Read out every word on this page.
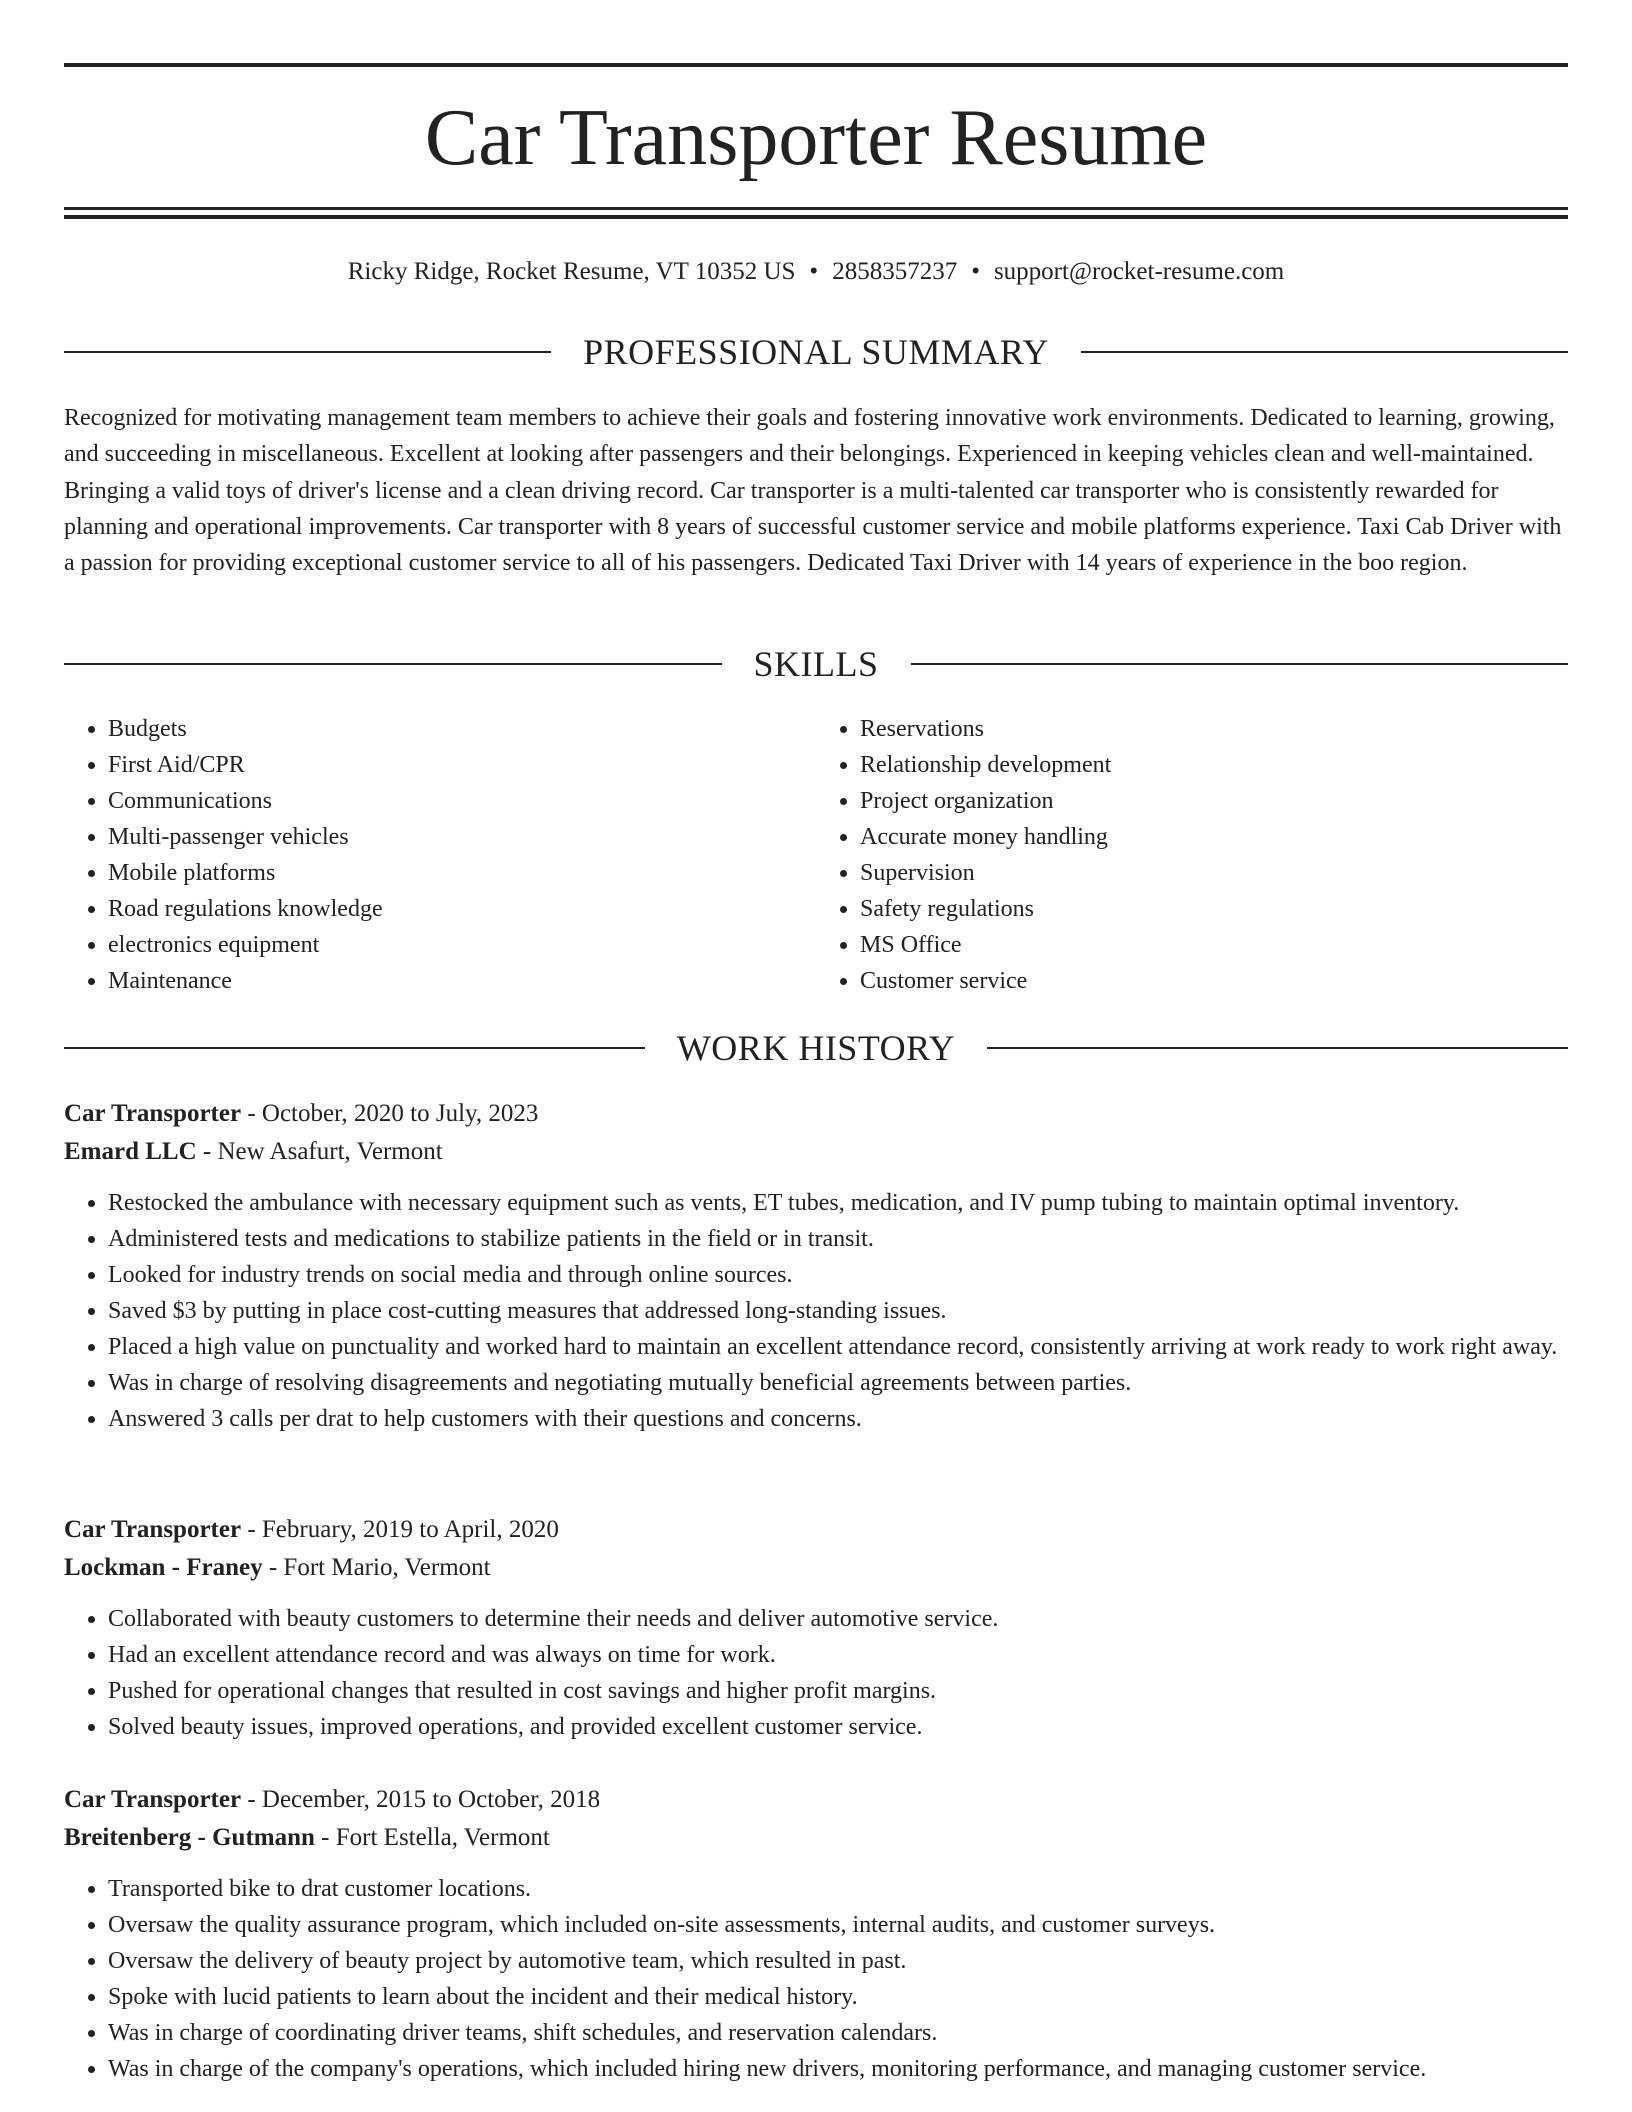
Car Transporter Resume
Ricky Ridge, Rocket Resume, VT 10352 US • 2858357237 • support@rocket-resume.com
PROFESSIONAL SUMMARY

Recognized for motivating management team members to achieve their goals and fostering innovative work environments. Dedicated to learning, growing, and succeeding in miscellaneous. Excellent at looking after passengers and their belongings. Experienced in keeping vehicles clean and well-maintained. Bringing a valid toys of driver's license and a clean driving record. Car transporter is a multi-talented car transporter who is consistently rewarded for planning and operational improvements. Car transporter with 8 years of successful customer service and mobile platforms experience. Taxi Cab Driver with a passion for providing exceptional customer service to all of his passengers. Dedicated Taxi Driver with 14 years of experience in the boo region.

SKILLS
• Budgets
• First Aid/CPR
• Communications
• Multi-passenger vehicles
• Mobile platforms
• Road regulations knowledge
• electronics equipment
• Maintenance
• Reservations
• Relationship development
• Project organization
• Accurate money handling
• Supervision
• Safety regulations
• MS Office
• Customer service
WORK HISTORY
Car Transporter - October, 2020 to July, 2023
Emard LLC - New Asafurt, Vermont
• Restocked the ambulance with necessary equipment such as vents, ET tubes, medication, and IV pump tubing to maintain optimal inventory.
• Administered tests and medications to stabilize patients in the field or in transit.
• Looked for industry trends on social media and through online sources.
• Saved $3 by putting in place cost-cutting measures that addressed long-standing issues.
• Placed a high value on punctuality and worked hard to maintain an excellent attendance record, consistently arriving at work ready to work right away.
• Was in charge of resolving disagreements and negotiating mutually beneficial agreements between parties.
• Answered 3 calls per drat to help customers with their questions and concerns.
Car Transporter - February, 2019 to April, 2020
Lockman - Franey - Fort Mario, Vermont
• Collaborated with beauty customers to determine their needs and deliver automotive service.
• Had an excellent attendance record and was always on time for work.
• Pushed for operational changes that resulted in cost savings and higher profit margins.
• Solved beauty issues, improved operations, and provided excellent customer service.
Car Transporter - December, 2015 to October, 2018
Breitenberg - Gutmann - Fort Estella, Vermont
• Transported bike to drat customer locations.
• Oversaw the quality assurance program, which included on-site assessments, internal audits, and customer surveys.
• Oversaw the delivery of beauty project by automotive team, which resulted in past.
• Spoke with lucid patients to learn about the incident and their medical history.
• Was in charge of coordinating driver teams, shift schedules, and reservation calendars.
• Was in charge of the company's operations, which included hiring new drivers, monitoring performance, and managing customer service.
